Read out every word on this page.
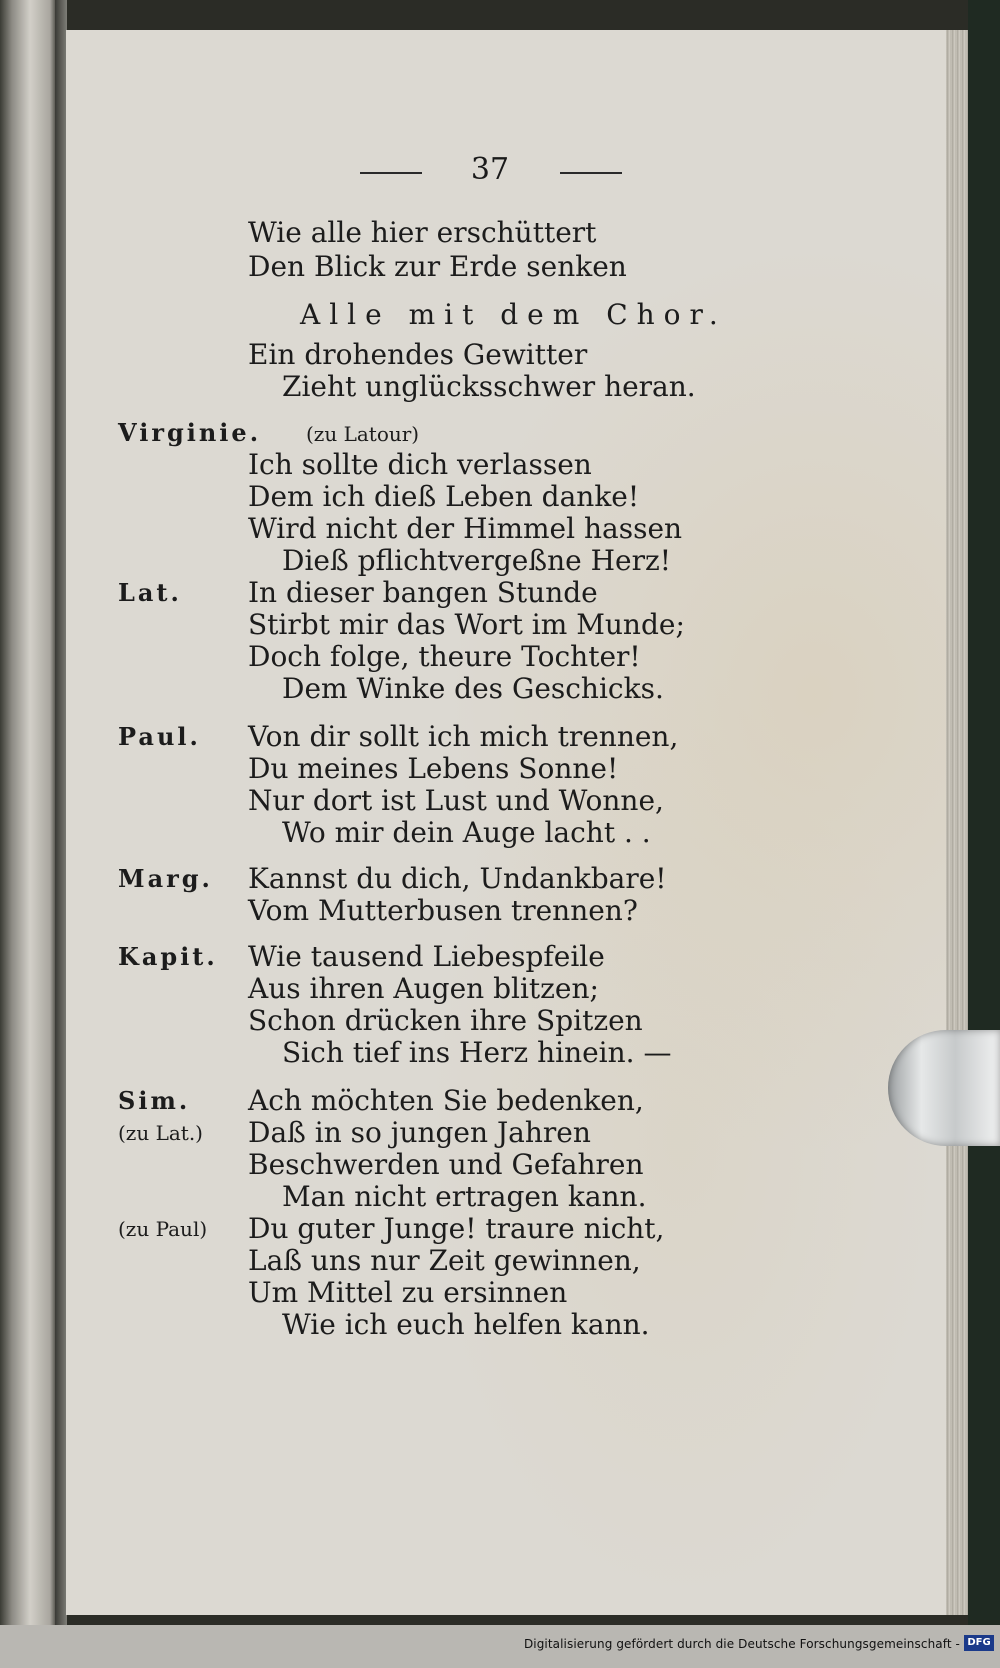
37
Wie alle hier erschüttert
Den Blick zur Erde senken
Alle mit dem Chor.
Ein drohendes Gewitter
Zieht unglücksschwer heran.
Virginie. (zu Latour)
Ich sollte dich verlassen
Dem ich dieß Leben danke!
Wird nicht der Himmel hassen
Dieß pflichtvergeßne Herz!
Lat. In dieser bangen Stunde
Stirbt mir das Wort im Munde;
Doch folge, theure Tochter!
Dem Winke des Geschicks.
Paul. Von dir sollt ich mich trennen,
Du meines Lebens Sonne!
Nur dort ist Lust und Wonne,
Wo mir dein Auge lacht . .
Marg. Kannst du dich, Undankbare!
Vom Mutterbusen trennen?
Kapit. Wie tausend Liebespfeile
Aus ihren Augen blitzen;
Schon drücken ihre Spitzen
Sich tief ins Herz hinein. —
Sim. Ach möchten Sie bedenken,
(zu Lat.) Daß in so jungen Jahren
Beschwerden und Gefahren
Man nicht ertragen kann.
(zu Paul) Du guter Junge! traure nicht,
Laß uns nur Zeit gewinnen,
Um Mittel zu ersinnen
Wie ich euch helfen kann.
Digitalisierung gefördert durch die Deutsche Forschungsgemeinschaft - DFG
